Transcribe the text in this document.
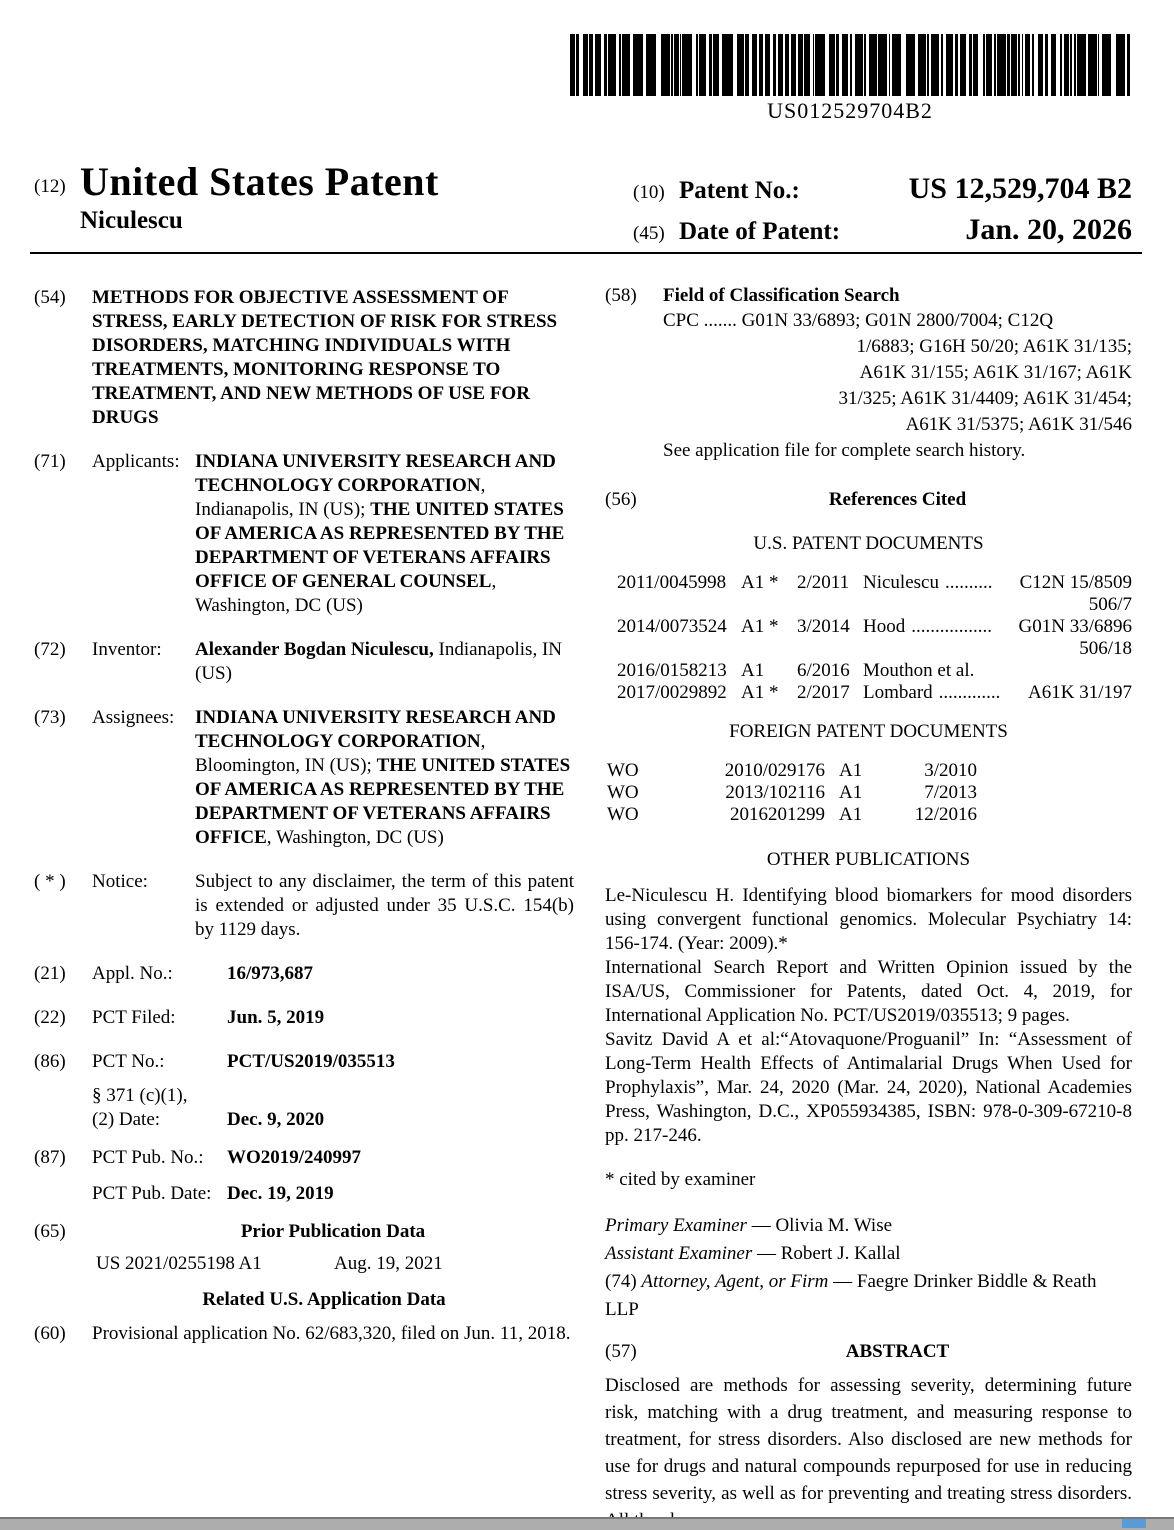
US012529704B2
(12) United States Patent
Niculescu
(10) Patent No.:	US 12,529,704 B2
(45) Date of Patent:	Jan. 20, 2026
(54)	METHODS FOR OBJECTIVE ASSESSMENT OF STRESS, EARLY DETECTION OF RISK FOR STRESS DISORDERS, MATCHING INDIVIDUALS WITH TREATMENTS, MONITORING RESPONSE TO TREATMENT, AND NEW METHODS OF USE FOR DRUGS
(71)	Applicants: INDIANA UNIVERSITY RESEARCH AND TECHNOLOGY CORPORATION, Indianapolis, IN (US); THE UNITED STATES OF AMERICA AS REPRESENTED BY THE DEPARTMENT OF VETERANS AFFAIRS OFFICE OF GENERAL COUNSEL, Washington, DC (US)
(72)	Inventor:	Alexander Bogdan Niculescu, Indianapolis, IN (US)
(73)	Assignees:	INDIANA UNIVERSITY RESEARCH AND TECHNOLOGY CORPORATION, Bloomington, IN (US); THE UNITED STATES OF AMERICA AS REPRESENTED BY THE DEPARTMENT OF VETERANS AFFAIRS OFFICE, Washington, DC (US)
( * )	Notice:	Subject to any disclaimer, the term of this patent is extended or adjusted under 35 U.S.C. 154(b) by 1129 days.
(21)	Appl. No.:	16/973,687
(22)	PCT Filed:	Jun. 5, 2019
(86)	PCT No.:	PCT/US2019/035513
§ 371 (c)(1),
(2) Date:	Dec. 9, 2020
(87)	PCT Pub. No.:	WO2019/240997
PCT Pub. Date: Dec. 19, 2019
(65)	Prior Publication Data
US 2021/0255198 A1	Aug. 19, 2021
Related U.S. Application Data
(60)	Provisional application No. 62/683,320, filed on Jun. 11, 2018.
(58)	Field of Classification Search
CPC ....... G01N 33/6893; G01N 2800/7004; C12Q
1/6883; G16H 50/20; A61K 31/135;
A61K 31/155; A61K 31/167; A61K
31/325; A61K 31/4409; A61K 31/454;
A61K 31/5375; A61K 31/546
See application file for complete search history.
(56)	References Cited
U.S. PATENT DOCUMENTS
2011/0045998 A1 * 2/2011 Niculescu ..........	C12N 15/8509
506/7
2014/0073524 A1 * 3/2014 Hood .................	G01N 33/6896
506/18
2016/0158213 A1	6/2016 Mouthon et al.
2017/0029892 A1 * 2/2017 Lombard .............	A61K 31/197
FOREIGN PATENT DOCUMENTS
WO	2010/029176 A1	3/2010
WO	2013/102116 A1	7/2013
WO	2016201299 A1	12/2016
OTHER PUBLICATIONS

Le-Niculescu H. Identifying blood biomarkers for mood disorders using convergent functional genomics. Molecular Psychiatry 14: 156-174. (Year: 2009).*

International Search Report and Written Opinion issued by the ISA/US, Commissioner for Patents, dated Oct. 4, 2019, for International Application No. PCT/US2019/035513; 9 pages.

Savitz David A et al:“Atovaquone/Proguanil” In: “Assessment of Long-Term Health Effects of Antimalarial Drugs When Used for Prophylaxis”, Mar. 24, 2020 (Mar. 24, 2020), National Academies Press, Washington, D.C., XP055934385, ISBN: 978-0-309-67210-8 pp. 217-246.

* cited by examiner
Primary Examiner — Olivia M. Wise
Assistant Examiner — Robert J. Kallal
(74) Attorney, Agent, or Firm — Faegre Drinker Biddle & Reath LLP
(57)	ABSTRACT
Disclosed are methods for assessing severity, determining future risk, matching with a drug treatment, and measuring response to treatment, for stress disorders. Also disclosed are new methods for use for drugs and natural compounds repurposed for use in reducing stress severity, as well as for preventing and treating stress disorders.
